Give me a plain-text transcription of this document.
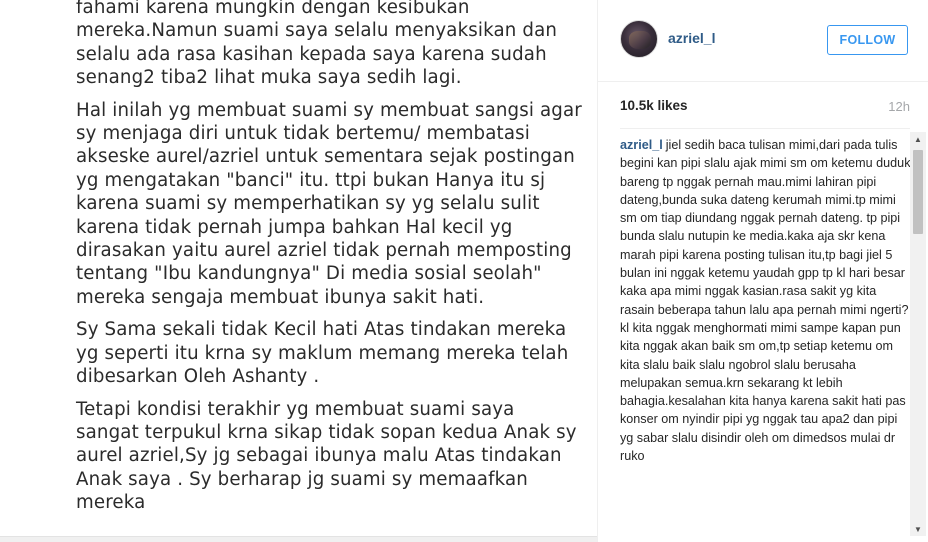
fahami karena mungkin dengan kesibukan
mereka.Namun suami saya selalu menyaksikan dan
selalu ada rasa kasihan kepada saya karena sudah
senang2 tiba2 lihat muka saya sedih lagi.

Hal inilah yg membuat suami sy membuat sangsi agar
sy menjaga diri untuk tidak bertemu/ membatasi
akseske aurel/azriel untuk sementara sejak postingan
yg mengatakan "banci" itu. ttpi bukan Hanya itu sj
karena suami sy memperhatikan sy yg selalu sulit
karena tidak pernah jumpa bahkan Hal kecil yg
dirasakan yaitu aurel azriel tidak pernah memposting
tentang "Ibu kandungnya" Di media sosial seolah"
mereka sengaja membuat ibunya sakit hati.

Sy Sama sekali tidak Kecil hati Atas tindakan mereka
yg seperti itu krna sy maklum memang mereka telah
dibesarkan Oleh Ashanty .

Tetapi kondisi terakhir yg membuat suami saya
sangat terpukul krna sikap tidak sopan kedua Anak sy
aurel azriel,Sy jg sebagai ibunya malu Atas tindakan
Anak saya . Sy berharap jg suami sy memaafkan
mereka

azriel_l	FOLLOW
10.5k likes	12h
azriel_l jiel sedih baca tulisan mimi,dari pada tulis begini kan pipi slalu ajak mimi sm om ketemu duduk bareng tp nggak pernah mau.mimi lahiran pipi dateng,bunda suka dateng kerumah mimi.tp mimi sm om tiap diundang nggak pernah dateng. tp pipi bunda slalu nutupin ke media.kaka aja skr kena marah pipi karena posting tulisan itu,tp bagi jiel 5 bulan ini nggak ketemu yaudah gpp tp kl hari besar kaka apa mimi nggak kasian.rasa sakit yg kita rasain beberapa tahun lalu apa pernah mimi ngerti? kl kita nggak menghormati mimi sampe kapan pun kita nggak akan baik sm om,tp setiap ketemu om kita slalu baik slalu ngobrol slalu berusaha melupakan semua.krn sekarang kt lebih bahagia.kesalahan kita hanya karena sakit hati pas konser om nyindir pipi yg nggak tau apa2 dan pipi yg sabar slalu disindir oleh om dimedsos mulai dr ruko
▲
▼
